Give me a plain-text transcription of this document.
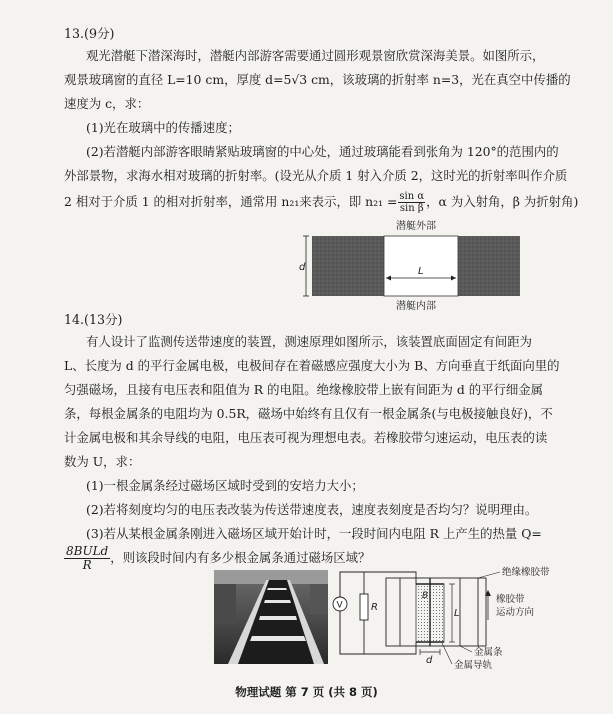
13.(9分)
观光潜艇下潜深海时，潜艇内部游客需要通过圆形观景窗欣赏深海美景。如图所示，
观景玻璃窗的直径 L=10 cm，厚度 d=5√3 cm，该玻璃的折射率 n=3，光在真空中传播的
速度为 c，求：
(1)光在玻璃中的传播速度；
(2)若潜艇内部游客眼睛紧贴玻璃窗的中心处，通过玻璃能看到张角为 120°的范围内的
外部景物，求海水相对玻璃的折射率。(设光从介质 1 射入介质 2，这时光的折射率叫作介质
2 相对于介质 1 的相对折射率，通常用 n₂₁来表示，即 $n_{21} = \frac{\text{sin α}}{\text{sin β}}$ ，α 为入射角，β 为折射角)
潜艇外部
d	L
潜艇内部
14.(13分)
有人设计了监测传送带速度的装置，测速原理如图所示，该装置底面固定有间距为
L、长度为 d 的平行金属电极，电极间存在着磁感应强度大小为 B、方向垂直于纸面向里的
匀强磁场，且接有电压表和阻值为 R 的电阻。绝缘橡胶带上嵌有间距为 d 的平行细金属
条，每根金属条的电阻均为 0.5R，磁场中始终有且仅有一根金属条(与电极接触良好)，不
计金属电极和其余导线的电阻，电压表可视为理想电表。若橡胶带匀速运动，电压表的读
数为 U，求：
(1)一根金属条经过磁场区域时受到的安培力大小；
(2)若将刻度均匀的电压表改装为传送带速度表，速度表刻度是否均匀？说明理由。
(3)若从某根金属条刚进入磁场区域开始计时，一段时间内电阻 R 上产生的热量 Q=
$\frac{\text{8BULd}}{R}$ ，则该段时间内有多少根金属条通过磁场区域？
V	R
B
L
d
绝缘橡胶带
橡胶带
运动方向
金属条
金属导轨
物理试题 第 7 页 (共 8 页)
